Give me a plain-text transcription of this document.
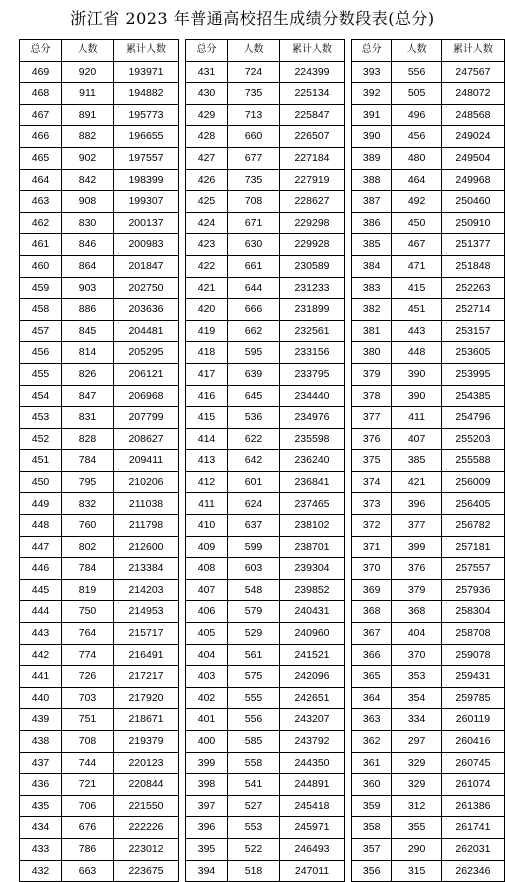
浙江省 2023 年普通高校招生成绩分数段表(总分)
总分	人数	累计人数
469	920	193971
468	911	194882
467	891	195773
466	882	196655
465	902	197557
464	842	198399
463	908	199307
462	830	200137
461	846	200983
460	864	201847
459	903	202750
458	886	203636
457	845	204481
456	814	205295
455	826	206121
454	847	206968
453	831	207799
452	828	208627
451	784	209411
450	795	210206
449	832	211038
448	760	211798
447	802	212600
446	784	213384
445	819	214203
444	750	214953
443	764	215717
442	774	216491
441	726	217217
440	703	217920
439	751	218671
438	708	219379
437	744	220123
436	721	220844
435	706	221550
434	676	222226
433	786	223012
432	663	223675
总分	人数	累计人数
431	724	224399
430	735	225134
429	713	225847
428	660	226507
427	677	227184
426	735	227919
425	708	228627
424	671	229298
423	630	229928
422	661	230589
421	644	231233
420	666	231899
419	662	232561
418	595	233156
417	639	233795
416	645	234440
415	536	234976
414	622	235598
413	642	236240
412	601	236841
411	624	237465
410	637	238102
409	599	238701
408	603	239304
407	548	239852
406	579	240431
405	529	240960
404	561	241521
403	575	242096
402	555	242651
401	556	243207
400	585	243792
399	558	244350
398	541	244891
397	527	245418
396	553	245971
395	522	246493
394	518	247011
总分	人数	累计人数
393	556	247567
392	505	248072
391	496	248568
390	456	249024
389	480	249504
388	464	249968
387	492	250460
386	450	250910
385	467	251377
384	471	251848
383	415	252263
382	451	252714
381	443	253157
380	448	253605
379	390	253995
378	390	254385
377	411	254796
376	407	255203
375	385	255588
374	421	256009
373	396	256405
372	377	256782
371	399	257181
370	376	257557
369	379	257936
368	368	258304
367	404	258708
366	370	259078
365	353	259431
364	354	259785
363	334	260119
362	297	260416
361	329	260745
360	329	261074
359	312	261386
358	355	261741
357	290	262031
356	315	262346
